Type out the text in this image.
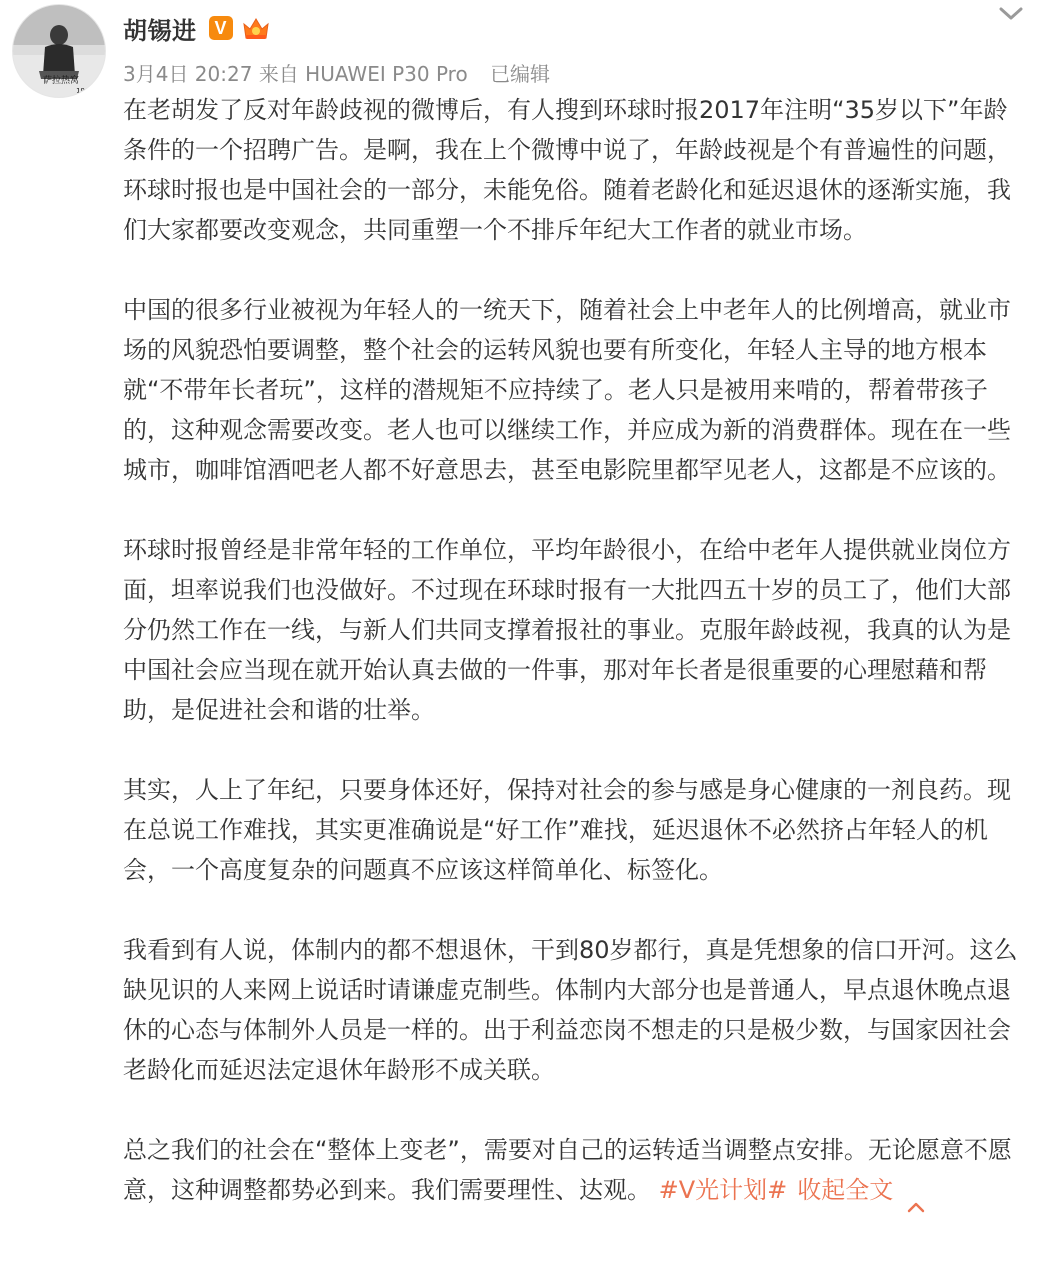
萨拉热窝
1984
胡锡进 V
3月4日 20:27 来自 HUAWEI P30 Pro 已编辑

在老胡发了反对年龄歧视的微博后，有人搜到环球时报2017年注明“35岁以下”年龄条件的一个招聘广告。是啊，我在上个微博中说了，年龄歧视是个有普遍性的问题，环球时报也是中国社会的一部分，未能免俗。随着老龄化和延迟退休的逐渐实施，我们大家都要改变观念，共同重塑一个不排斥年纪大工作者的就业市场。

中国的很多行业被视为年轻人的一统天下，随着社会上中老年人的比例增高，就业市场的风貌恐怕要调整，整个社会的运转风貌也要有所变化，年轻人主导的地方根本就“不带年长者玩”，这样的潜规矩不应持续了。老人只是被用来啃的，帮着带孩子的，这种观念需要改变。老人也可以继续工作，并应成为新的消费群体。现在在一些城市，咖啡馆酒吧老人都不好意思去，甚至电影院里都罕见老人，这都是不应该的。

环球时报曾经是非常年轻的工作单位，平均年龄很小，在给中老年人提供就业岗位方面，坦率说我们也没做好。不过现在环球时报有一大批四五十岁的员工了，他们大部分仍然工作在一线，与新人们共同支撑着报社的事业。克服年龄歧视，我真的认为是中国社会应当现在就开始认真去做的一件事，那对年长者是很重要的心理慰藉和帮助，是促进社会和谐的壮举。

其实，人上了年纪，只要身体还好，保持对社会的参与感是身心健康的一剂良药。现在总说工作难找，其实更准确说是“好工作”难找，延迟退休不必然挤占年轻人的机会，一个高度复杂的问题真不应该这样简单化、标签化。

我看到有人说，体制内的都不想退休，干到80岁都行，真是凭想象的信口开河。这么缺见识的人来网上说话时请谦虚克制些。体制内大部分也是普通人，早点退休晚点退休的心态与体制外人员是一样的。出于利益恋岗不想走的只是极少数，与国家因社会老龄化而延迟法定退休年龄形不成关联。

总之我们的社会在“整体上变老”，需要对自己的运转适当调整点安排。无论愿意不愿意，这种调整都势必到来。我们需要理性、达观。 #V光计划# 收起全文
